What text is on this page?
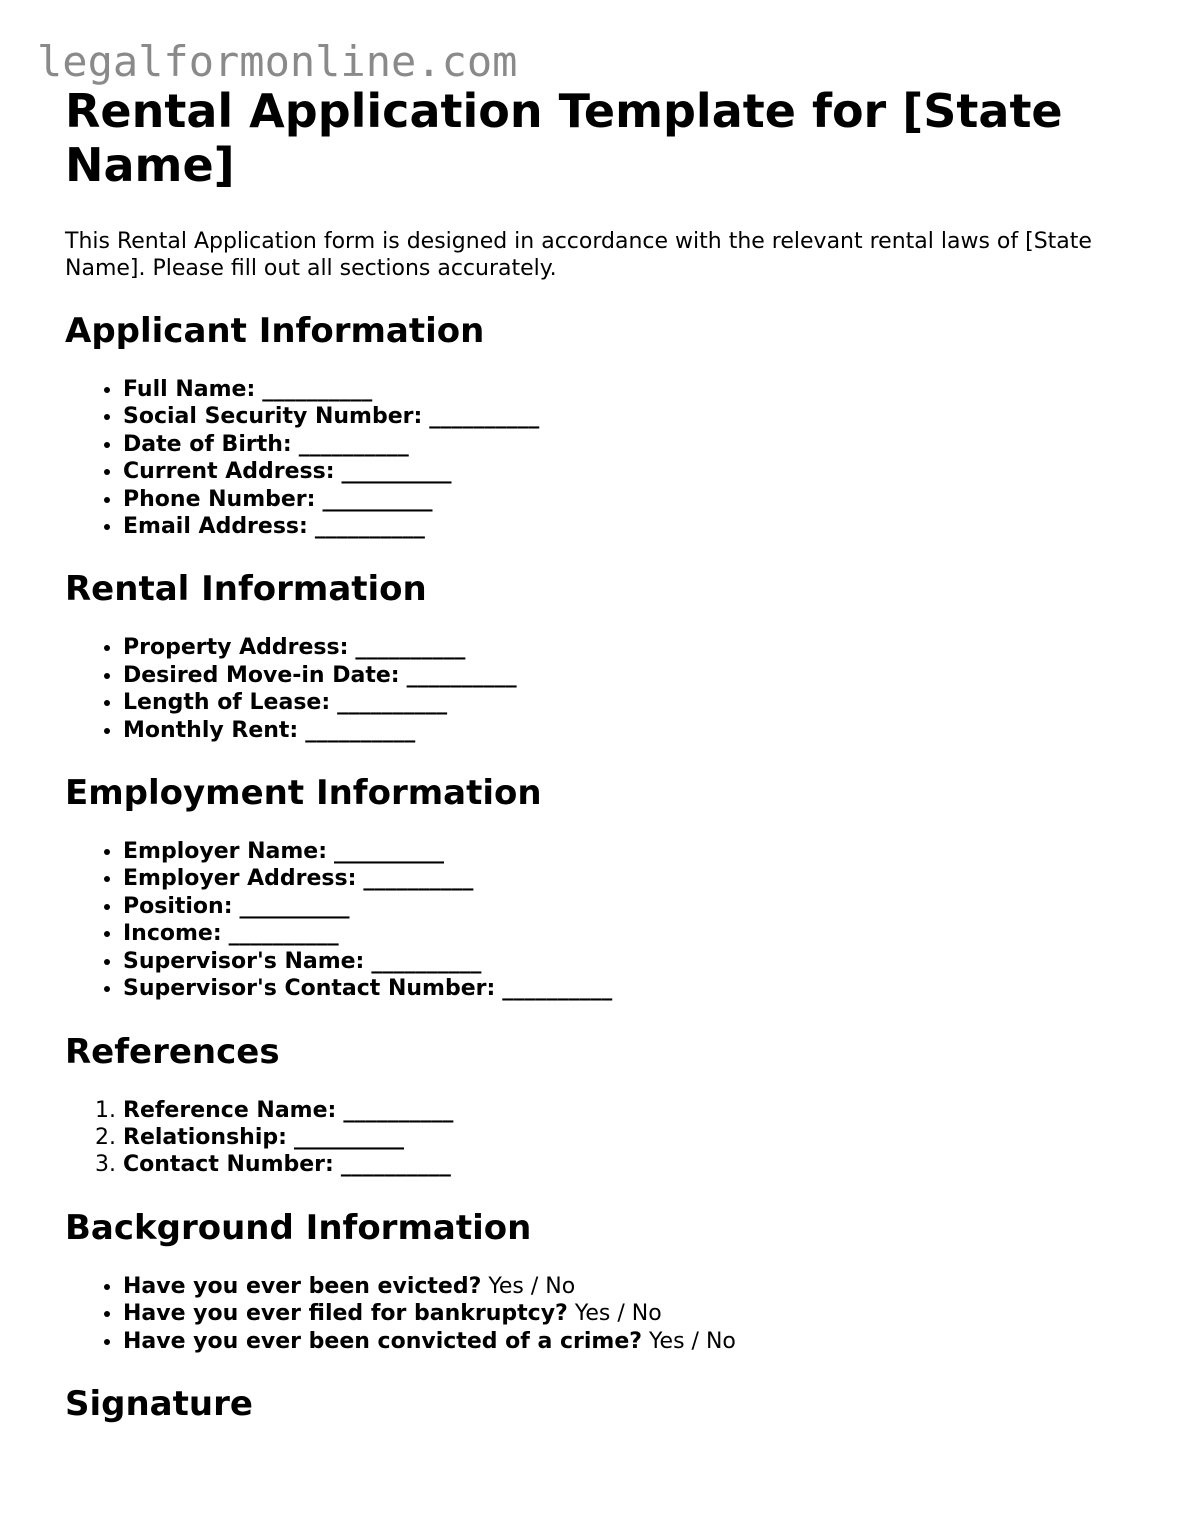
legalformonline.com
Rental Application Template for [State Name]

This Rental Application form is designed in accordance with the relevant rental laws of [State Name]. Please fill out all sections accurately.

Applicant Information
• Full Name: __________
• Social Security Number: __________
• Date of Birth: __________
• Current Address: __________
• Phone Number: __________
• Email Address: __________
Rental Information
• Property Address: __________
• Desired Move-in Date: __________
• Length of Lease: __________
• Monthly Rent: __________
Employment Information
• Employer Name: __________
• Employer Address: __________
• Position: __________
• Income: __________
• Supervisor's Name: __________
• Supervisor's Contact Number: __________
References
1. Reference Name: __________
2. Relationship: __________
3. Contact Number: __________
Background Information
• Have you ever been evicted? Yes / No
• Have you ever filed for bankruptcy? Yes / No
• Have you ever been convicted of a crime? Yes / No
Signature
